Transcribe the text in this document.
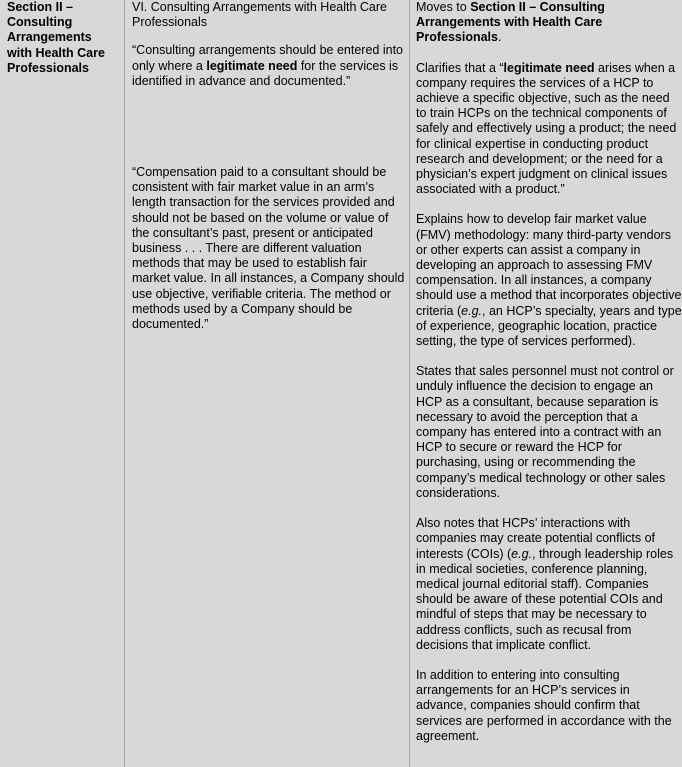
Section II – Consulting Arrangements with Health Care Professionals

VI. Consulting Arrangements with Health Care Professionals

“Consulting arrangements should be entered into only where a legitimate need for the services is identified in advance and documented.”

“Compensation paid to a consultant should be consistent with fair market value in an arm’s length transaction for the services provided and should not be based on the volume or value of the consultant’s past, present or anticipated business . . . There are different valuation methods that may be used to establish fair market value. In all instances, a Company should use objective, verifiable criteria. The method or methods used by a Company should be documented.”

Moves to Section II – Consulting Arrangements with Health Care Professionals.

Clarifies that a “legitimate need arises when a company requires the services of a HCP to achieve a specific objective, such as the need to train HCPs on the technical components of safely and effectively using a product; the need for clinical expertise in conducting product research and development; or the need for a physician’s expert judgment on clinical issues associated with a product.”

Explains how to develop fair market value (FMV) methodology: many third-party vendors or other experts can assist a company in developing an approach to assessing FMV compensation. In all instances, a company should use a method that incorporates objective criteria (e.g., an HCP’s specialty, years and type of experience, geographic location, practice setting, the type of services performed).

States that sales personnel must not control or unduly influence the decision to engage an HCP as a consultant, because separation is necessary to avoid the perception that a company has entered into a contract with an HCP to secure or reward the HCP for purchasing, using or recommending the company’s medical technology or other sales considerations.

Also notes that HCPs’ interactions with companies may create potential conflicts of interests (COIs) (e.g., through leadership roles in medical societies, conference planning, medical journal editorial staff). Companies should be aware of these potential COIs and mindful of steps that may be necessary to address conflicts, such as recusal from decisions that implicate conflict.

In addition to entering into consulting arrangements for an HCP’s services in advance, companies should confirm that services are performed in accordance with the agreement.
